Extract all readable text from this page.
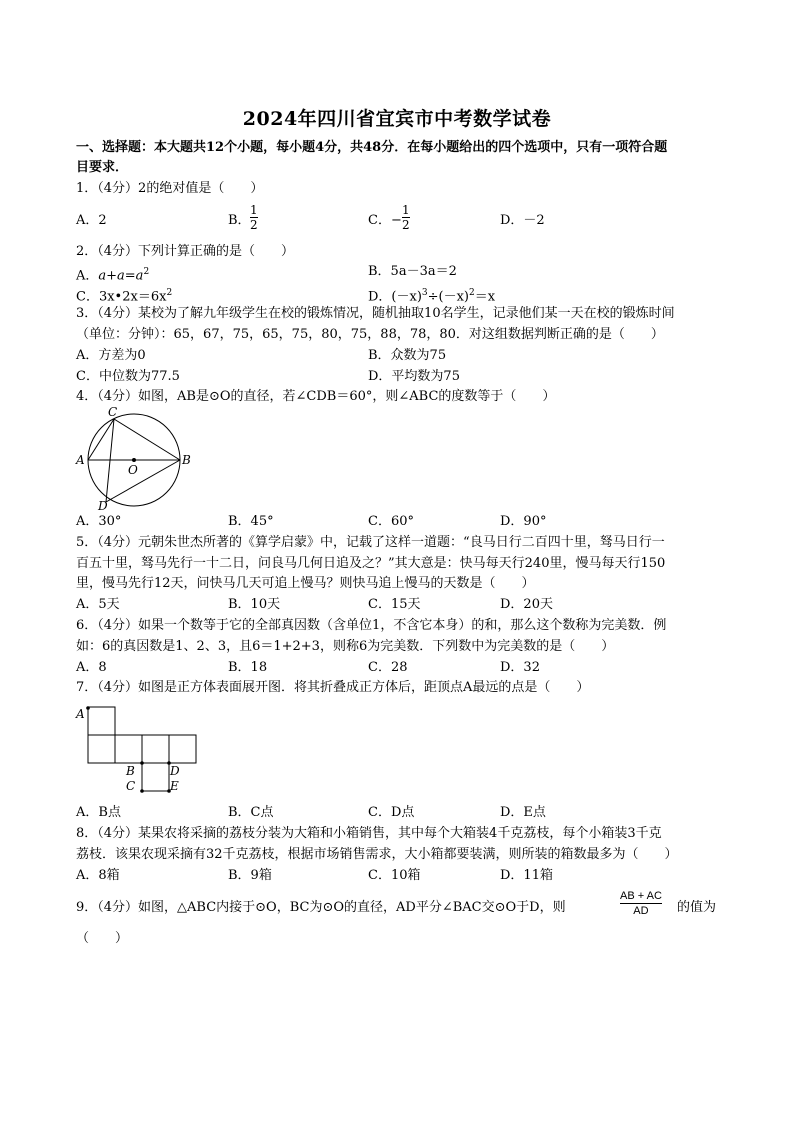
2024年四川省宜宾市中考数学试卷
一、选择题：本大题共12个小题，每小题4分，共48分．在每小题给出的四个选项中，只有一项符合题
目要求．
1．（4分）2的绝对值是（　　）
A．2	B．
1
2	C．−
1
2	D．－2
2．（4分）下列计算正确的是（　　）
A．$a+a=a^2$	B．5a－3a＝2
C．$3x•2x=6x^2$	D．$(-x)^3\div(-x)^2=x$
3．（4分）某校为了解九年级学生在校的锻炼情况，随机抽取10名学生，记录他们某一天在校的锻炼时间
（单位：分钟）：65，67，75，65，75，80，75，88，78，80．对这组数据判断正确的是（　　）
A．方差为0	B．众数为75
C．中位数为77.5	D．平均数为75
4．（4分）如图，AB是⊙O的直径，若∠CDB＝60°，则∠ABC的度数等于（　　）
A	B
C
D
O
A．30°	B．45°	C．60°	D．90°
5．（4分）元朝朱世杰所著的《算学启蒙》中，记载了这样一道题：“良马日行二百四十里，驽马日行一
百五十里，驽马先行一十二日，问良马几何日追及之？”其大意是：快马每天行240里，慢马每天行150
里，慢马先行12天，问快马几天可追上慢马？则快马追上慢马的天数是（　　）
A．5天	B．10天	C．15天	D．20天
6．（4分）如果一个数等于它的全部真因数（含单位1，不含它本身）的和，那么这个数称为完美数．例
如：6的真因数是1、2、3，且6＝1+2+3，则称6为完美数．下列数中为完美数的是（　　）
A．8	B．18	C．28	D．32
7．（4分）如图是正方体表面展开图．将其折叠成正方体后，距顶点A最远的点是（　　）
A
B	D
C	E
A．B点	B．C点	C．D点	D．E点
8．（4分）某果农将采摘的荔枝分装为大箱和小箱销售，其中每个大箱装4千克荔枝，每个小箱装3千克
荔枝．该果农现采摘有32千克荔枝，根据市场销售需求，大小箱都要装满，则所装的箱数最多为（　　）
A．8箱	B．9箱	C．10箱	D．11箱
9．（4分）如图，△ABC内接于⊙O，BC为⊙O的直径，AD平分∠BAC交⊙O于D，则
AB + AC
AD 的值为
（　　）
